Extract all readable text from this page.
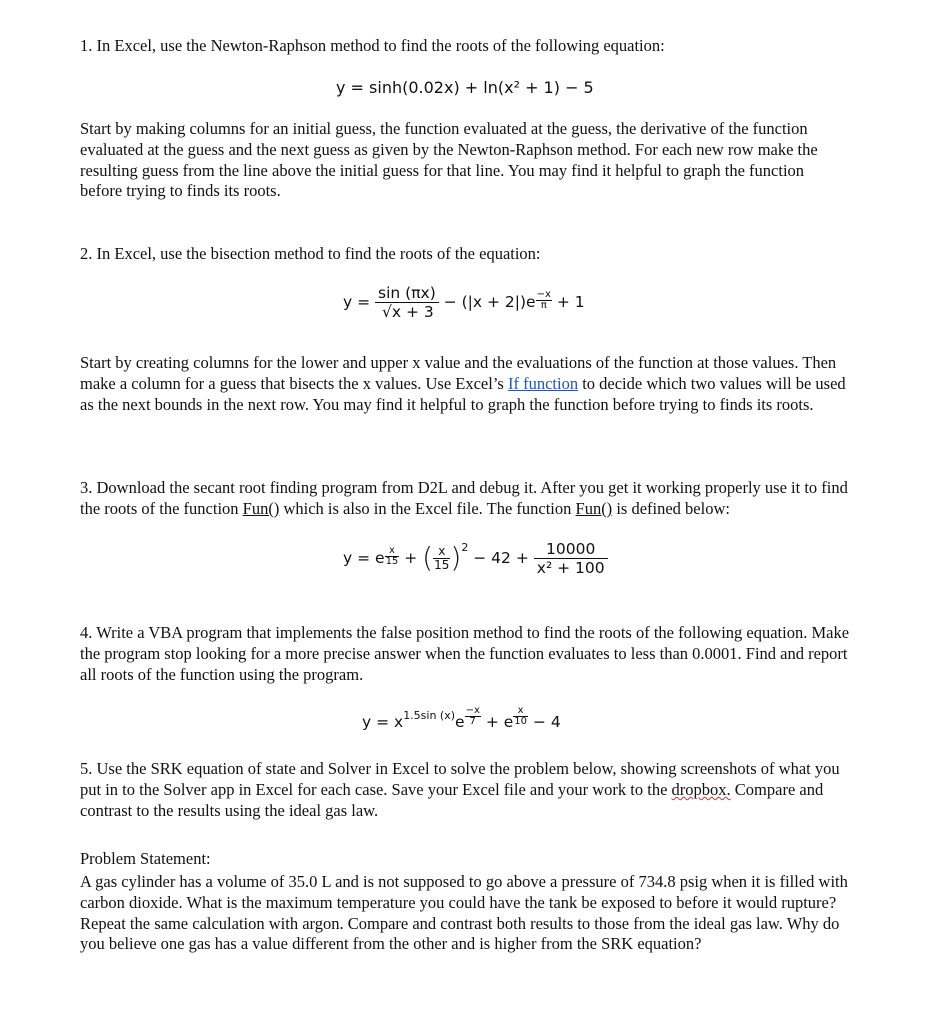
1. In Excel, use the Newton-Raphson method to find the roots of the following equation:

y = sinh(0.02x) + ln(x² + 1) − 5

Start by making columns for an initial guess, the function evaluated at the guess, the derivative of the function evaluated at the guess and the next guess as given by the Newton-Raphson method. For each new row make the resulting guess from the line above the initial guess for that line. You may find it helpful to graph the function before trying to finds its roots.

2. In Excel, use the bisection method to find the roots of the equation:

$y = \frac{\sin (\pi x)}{√x + 3} - (|x + 2|)e \frac{-x}{\pi} + 1$

Start by creating columns for the lower and upper x value and the evaluations of the function at those values. Then make a column for a guess that bisects the x values. Use Excel’s If function to decide which two values will be used as the next bounds in the next row. You may find it helpful to graph the function before trying to finds its roots.

3. Download the secant root finding program from D2L and debug it. After you get it working properly use it to find the roots of the function Fun() which is also in the Excel file. The function Fun() is defined below:

y = e $\frac{x}{15}$ + ( $\frac{x}{15} )^2 - 42 + \frac{10000}{\text{x² + 100}}$

4. Write a VBA program that implements the false position method to find the roots of the following equation. Make the program stop looking for a more precise answer when the function evaluates to less than 0.0001. Find and report all roots of the function using the program.

$y = x^{1.5sin (x)}e \frac{-x}{7} + e \frac{x}{10} - 4$

5. Use the SRK equation of state and Solver in Excel to solve the problem below, showing screenshots of what you put in to the Solver app in Excel for each case. Save your Excel file and your work to the dropbox. Compare and contrast to the results using the ideal gas law.

Problem Statement:

A gas cylinder has a volume of 35.0 L and is not supposed to go above a pressure of 734.8 psig when it is filled with carbon dioxide. What is the maximum temperature you could have the tank be exposed to before it would rupture? Repeat the same calculation with argon. Compare and contrast both results to those from the ideal gas law. Why do you believe one gas has a value different from the other and is higher from the SRK equation?
